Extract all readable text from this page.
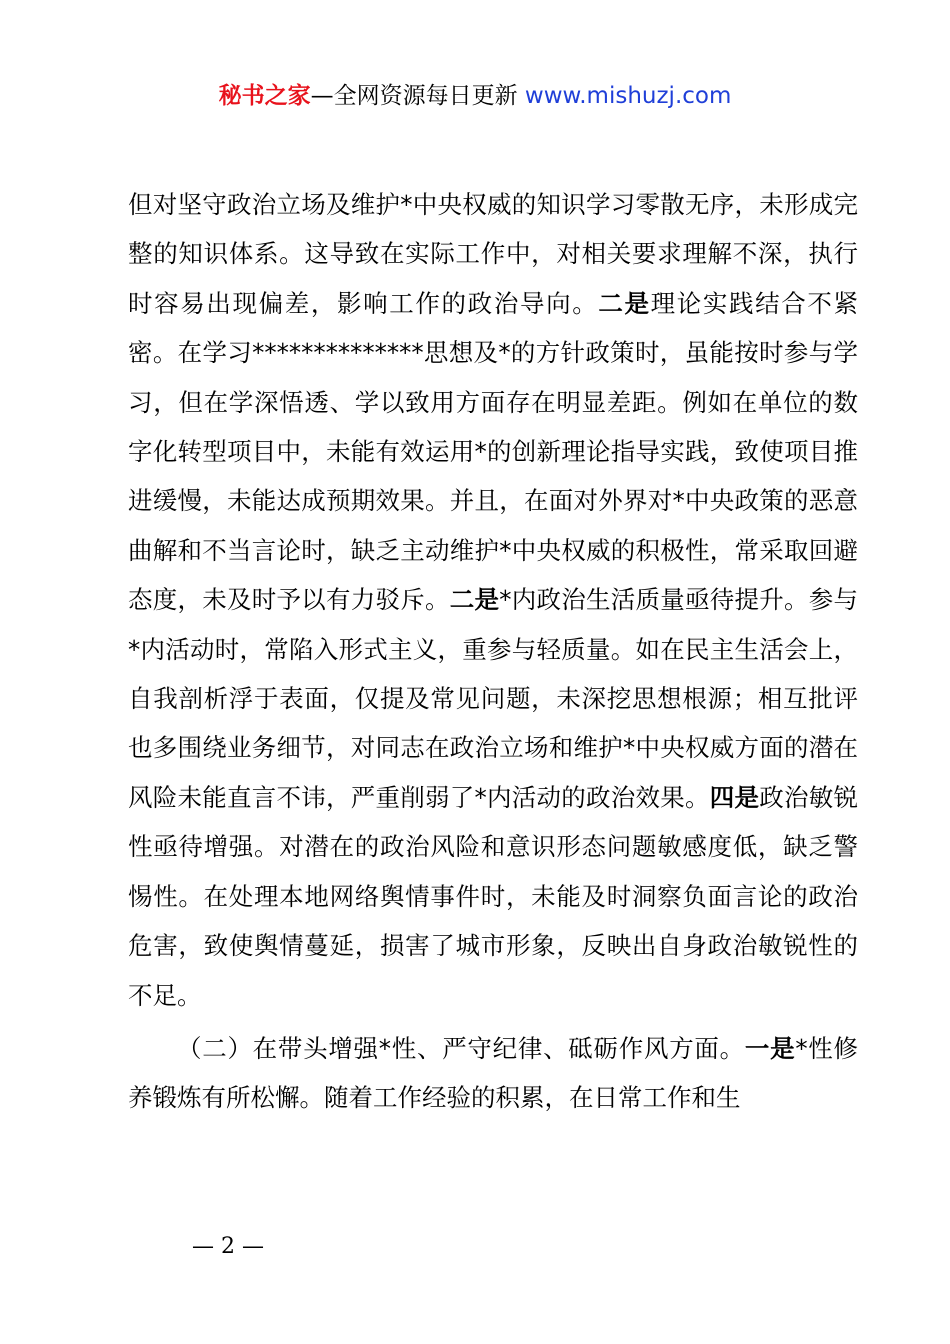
秘书之家—全网资源每日更新 www.mishuzj.com

但对坚守政治立场及维护*中央权威的知识学习零散无序，未形成完整的知识体系。这导致在实际工作中，对相关要求理解不深，执行时容易出现偏差，影响工作的政治导向。二是理论实践结合不紧密。在学习**************思想及*的方针政策时，虽能按时参与学习，但在学深悟透、学以致用方面存在明显差距。例如在单位的数字化转型项目中，未能有效运用*的创新理论指导实践，致使项目推进缓慢，未能达成预期效果。并且，在面对外界对*中央政策的恶意曲解和不当言论时，缺乏主动维护*中央权威的积极性，常采取回避态度，未及时予以有力驳斥。二是*内政治生活质量亟待提升。参与*内活动时，常陷入形式主义，重参与轻质量。如在民主生活会上，自我剖析浮于表面，仅提及常见问题，未深挖思想根源；相互批评也多围绕业务细节，对同志在政治立场和维护*中央权威方面的潜在风险未能直言不讳，严重削弱了*内活动的政治效果。四是政治敏锐性亟待增强。对潜在的政治风险和意识形态问题敏感度低，缺乏警惕性。在处理本地网络舆情事件时，未能及时洞察负面言论的政治危害，致使舆情蔓延，损害了城市形象，反映出自身政治敏锐性的不足。

（二）在带头增强*性、严守纪律、砥砺作风方面。一是*性修养锻炼有所松懈。随着工作经验的积累，在日常工作和生

— 2 —
